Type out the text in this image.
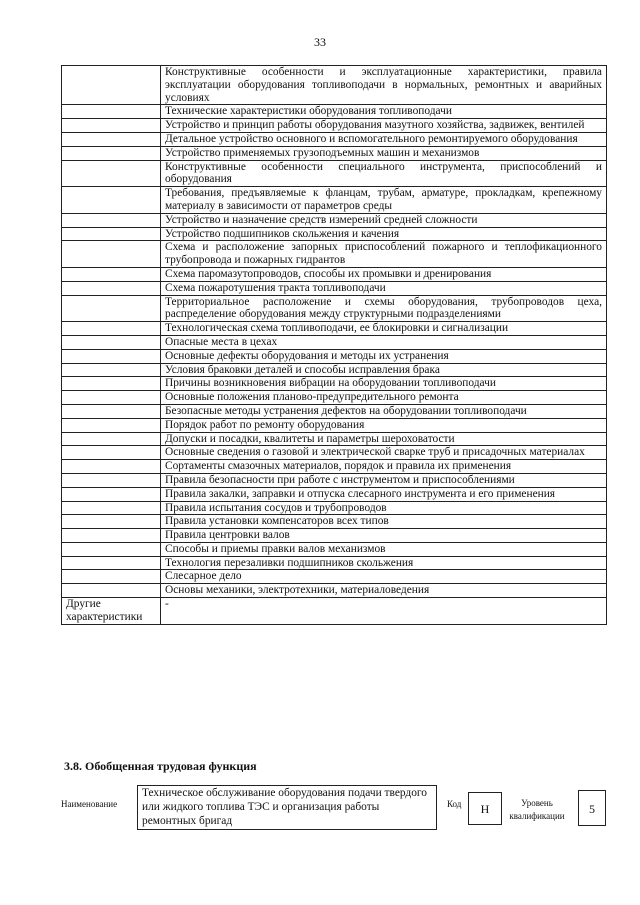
33
	Конструктивные особенности и эксплуатационные характеристики, правила эксплуатации оборудования топливоподачи в нормальных, ремонтных и аварийных условиях
	Технические характеристики оборудования топливоподачи
	Устройство и принцип работы оборудования мазутного хозяйства, задвижек, вентилей
	Детальное устройство основного и вспомогательного ремонтируемого оборудования
	Устройство применяемых грузоподъемных машин и механизмов
	Конструктивные особенности специального инструмента, приспособлений и оборудования
	Требования, предъявляемые к фланцам, трубам, арматуре, прокладкам, крепежному материалу в зависимости от параметров среды
	Устройство и назначение средств измерений средней сложности
	Устройство подшипников скольжения и качения
	Схема и расположение запорных приспособлений пожарного и теплофикационного трубопровода и пожарных гидрантов
	Схема паромазутопроводов, способы их промывки и дренирования
	Схема пожаротушения тракта топливоподачи
	Территориальное расположение и схемы оборудования, трубопроводов цеха, распределение оборудования между структурными подразделениями
	Технологическая схема топливоподачи, ее блокировки и сигнализации
	Опасные места в цехах
	Основные дефекты оборудования и методы их устранения
	Условия браковки деталей и способы исправления брака
	Причины возникновения вибрации на оборудовании топливоподачи
	Основные положения планово-предупредительного ремонта
	Безопасные методы устранения дефектов на оборудовании топливоподачи
	Порядок работ по ремонту оборудования
	Допуски и посадки, квалитеты и параметры шероховатости
	Основные сведения о газовой и электрической сварке труб и присадочных материалах
	Сортаменты смазочных материалов, порядок и правила их применения
	Правила безопасности при работе с инструментом и приспособлениями
	Правила закалки, заправки и отпуска слесарного инструмента и его применения
	Правила испытания сосудов и трубопроводов
	Правила установки компенсаторов всех типов
	Правила центровки валов
	Способы и приемы правки валов механизмов
	Технология перезаливки подшипников скольжения
	Слесарное дело
	Основы механики, электротехники, материаловедения
Другие характеристики	-
3.8. Обобщенная трудовая функция
Наименование
Техническое обслуживание оборудования подачи твердого или жидкого топлива ТЭС и организация работы ремонтных бригад
Код	H	Уровень квалификации	5
